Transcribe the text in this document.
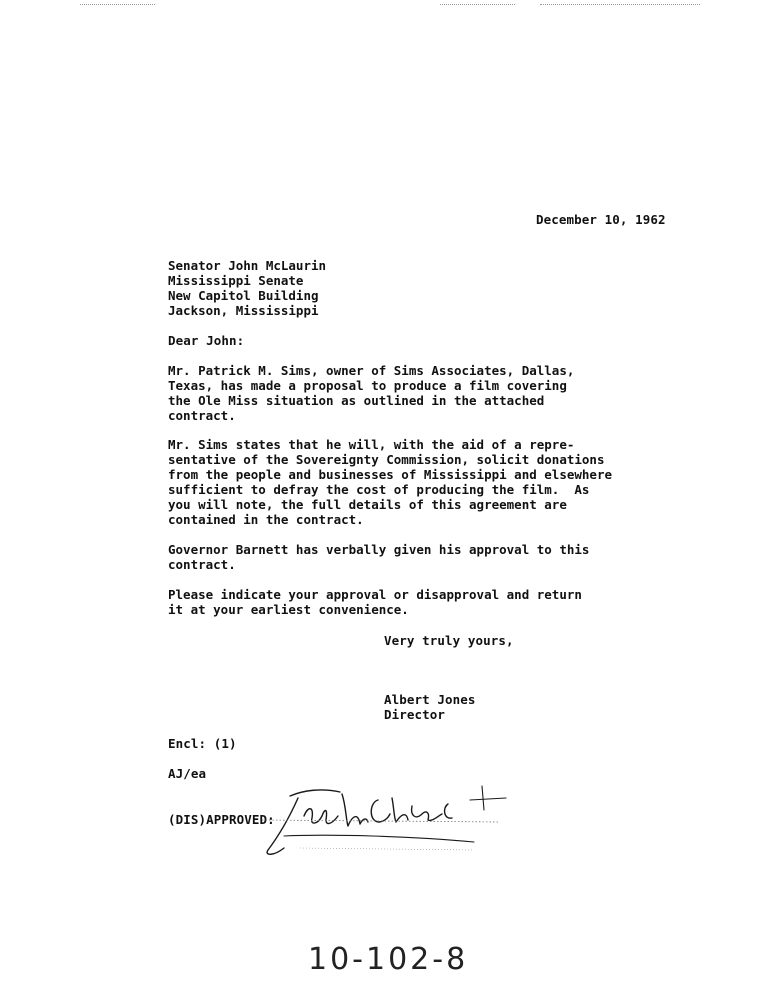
December 10, 1962
Senator John McLaurin
Mississippi Senate
New Capitol Building
Jackson, Mississippi
Dear John:
Mr. Patrick M. Sims, owner of Sims Associates, Dallas,
Texas, has made a proposal to produce a film covering
the Ole Miss situation as outlined in the attached
contract.
Mr. Sims states that he will, with the aid of a repre-
sentative of the Sovereignty Commission, solicit donations
from the people and businesses of Mississippi and elsewhere
sufficient to defray the cost of producing the film.  As
you will note, the full details of this agreement are
contained in the contract.
Governor Barnett has verbally given his approval to this
contract.
Please indicate your approval or disapproval and return
it at your earliest convenience.
Very truly yours,
Albert Jones
Director
Encl: (1)
AJ/ea
(DIS)APPROVED:
10-102-8
